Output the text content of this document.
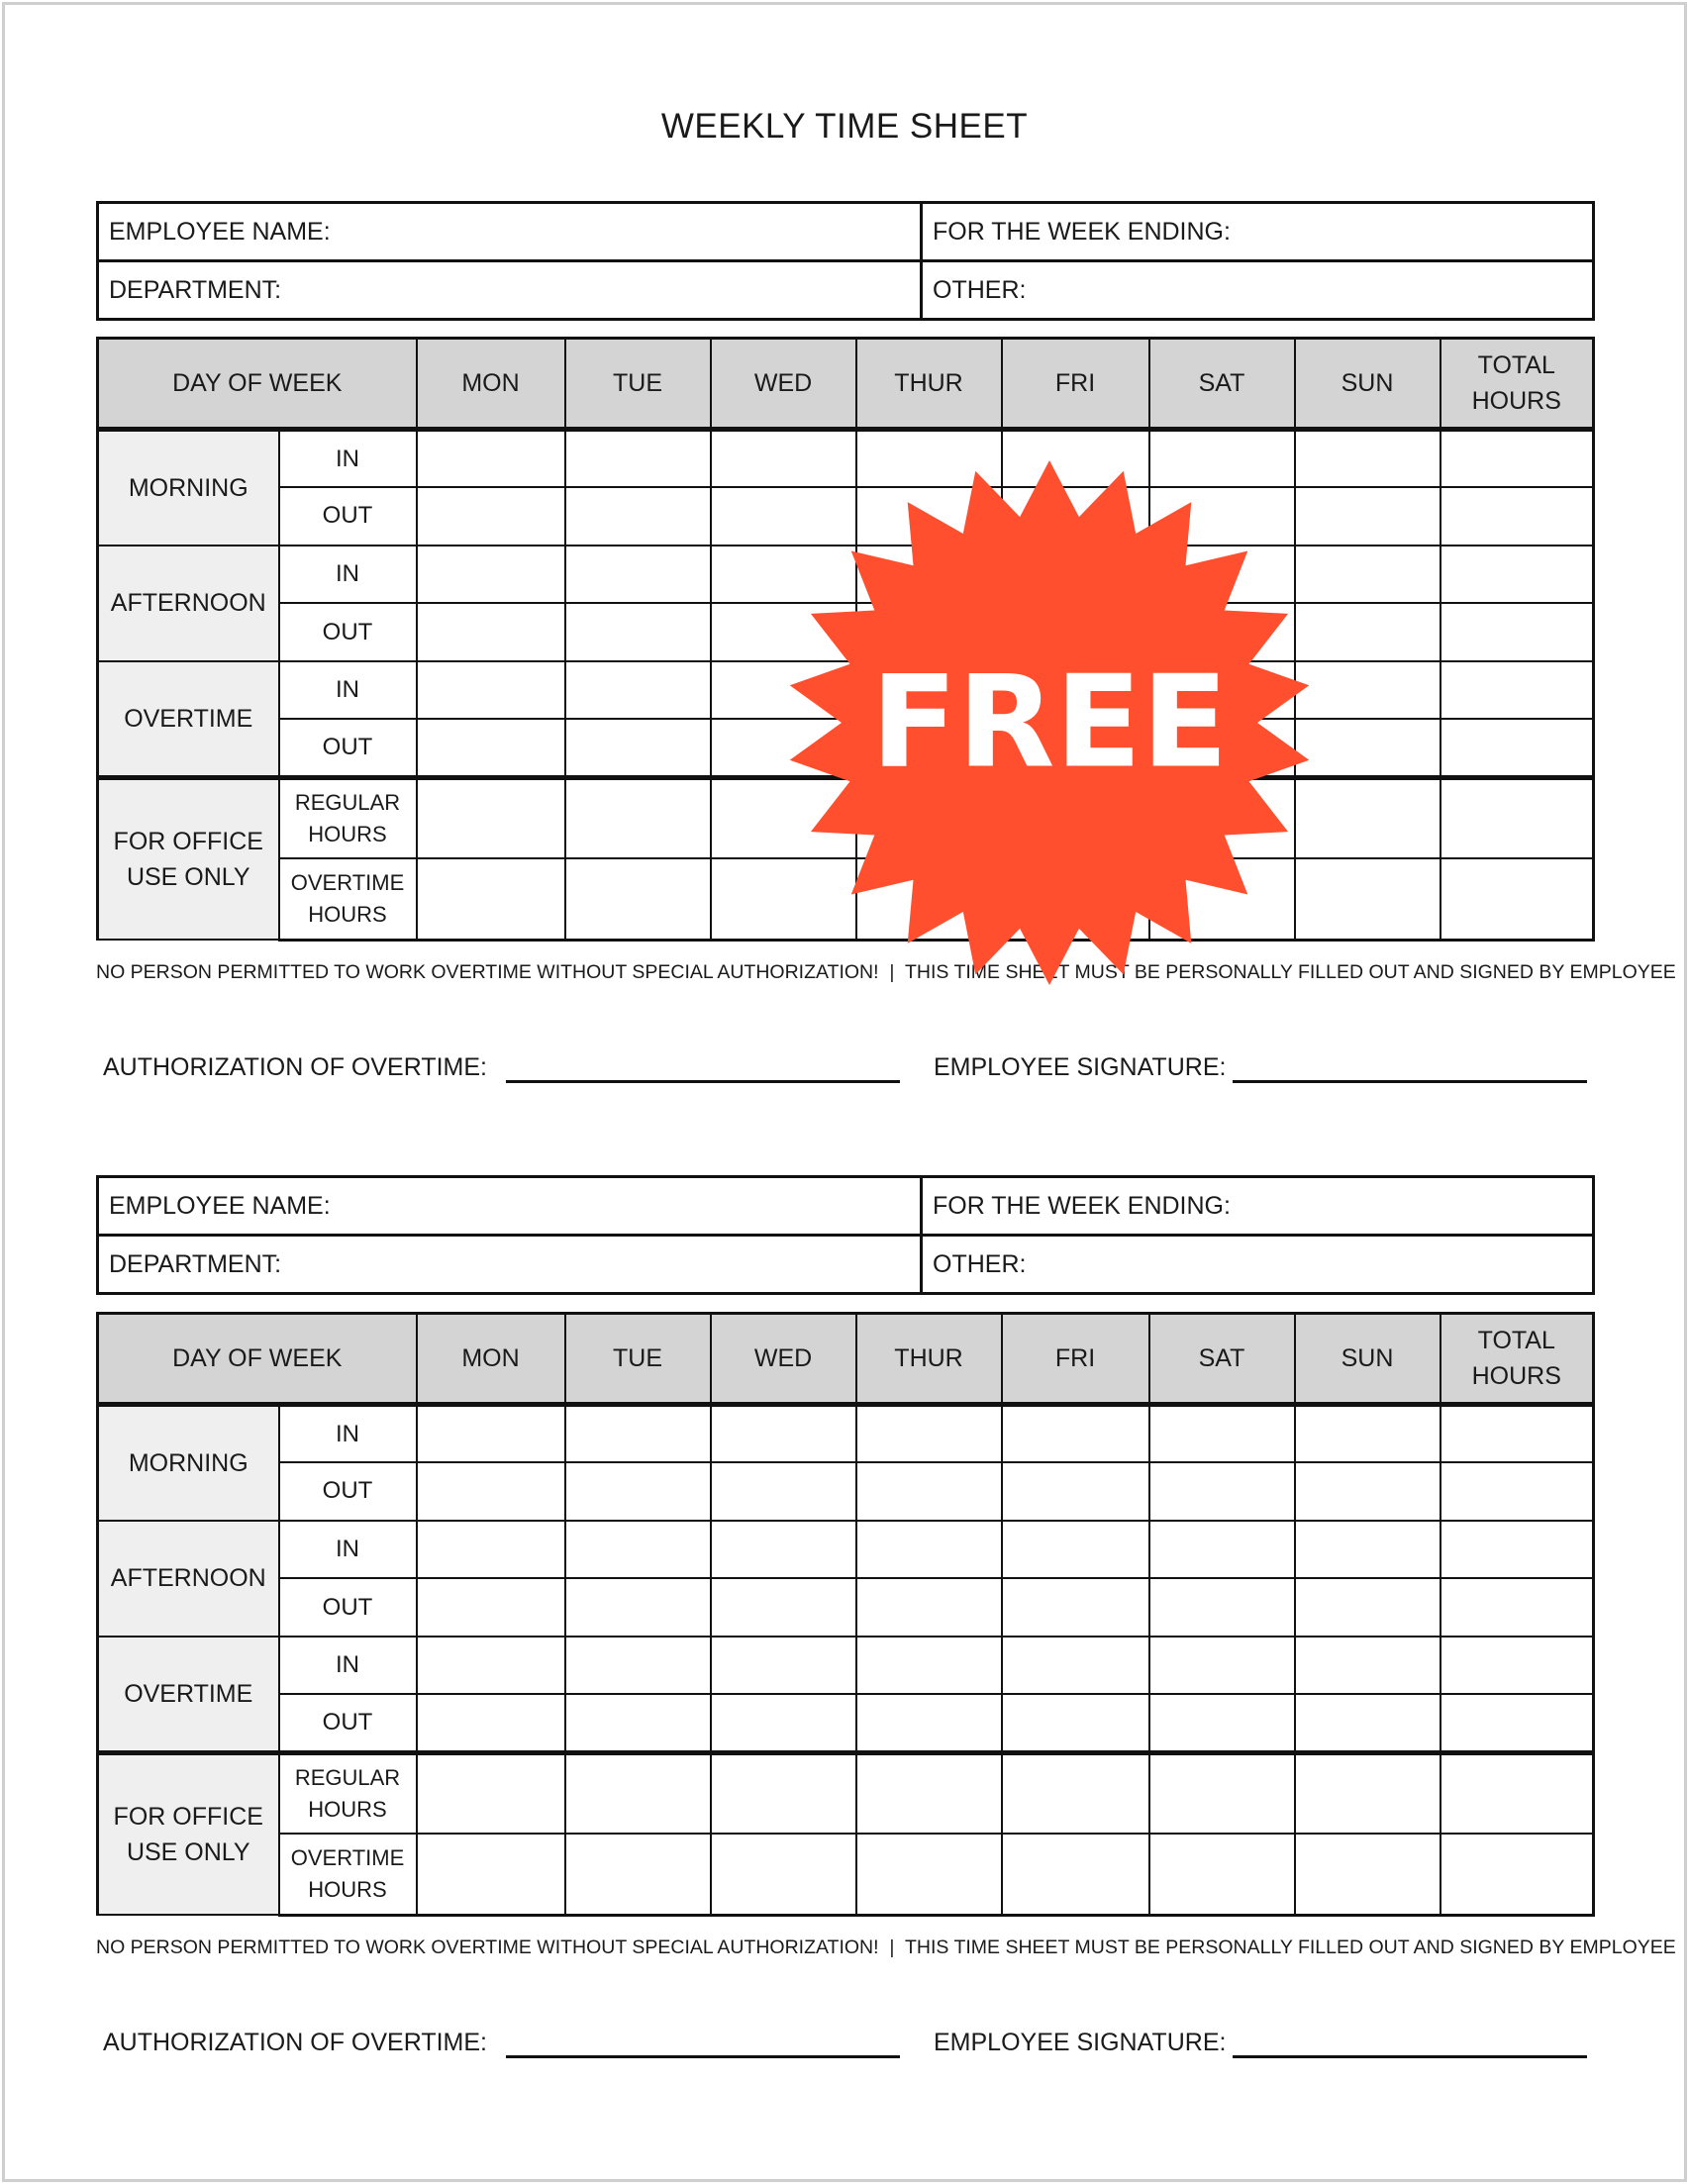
WEEKLY TIME SHEET
EMPLOYEE NAME:	FOR THE WEEK ENDING:
DEPARTMENT:	OTHER:
DAY OF WEEK		MON	TUE	WED	THUR	FRI	SAT	SUN	TOTAL
HOURS
MORNING	IN								
	OUT								
AFTERNOON	IN								
	OUT								
OVERTIME	IN								
	OUT								
FOR OFFICE
USE ONLY	REGULAR
HOURS								
	OVERTIME
HOURS								
NO PERSON PERMITTED TO WORK OVERTIME WITHOUT SPECIAL AUTHORIZATION! | THIS TIME SHEET MUST BE PERSONALLY FILLED OUT AND SIGNED BY EMPLOYEE
AUTHORIZATION OF OVERTIME:	EMPLOYEE SIGNATURE:
EMPLOYEE NAME:	FOR THE WEEK ENDING:
DEPARTMENT:	OTHER:
DAY OF WEEK		MON	TUE	WED	THUR	FRI	SAT	SUN	TOTAL
HOURS
MORNING	IN								
	OUT								
AFTERNOON	IN								
	OUT								
OVERTIME	IN								
	OUT								
FOR OFFICE
USE ONLY	REGULAR
HOURS								
	OVERTIME
HOURS								
NO PERSON PERMITTED TO WORK OVERTIME WITHOUT SPECIAL AUTHORIZATION! | THIS TIME SHEET MUST BE PERSONALLY FILLED OUT AND SIGNED BY EMPLOYEE
AUTHORIZATION OF OVERTIME:	EMPLOYEE SIGNATURE:
FREE
